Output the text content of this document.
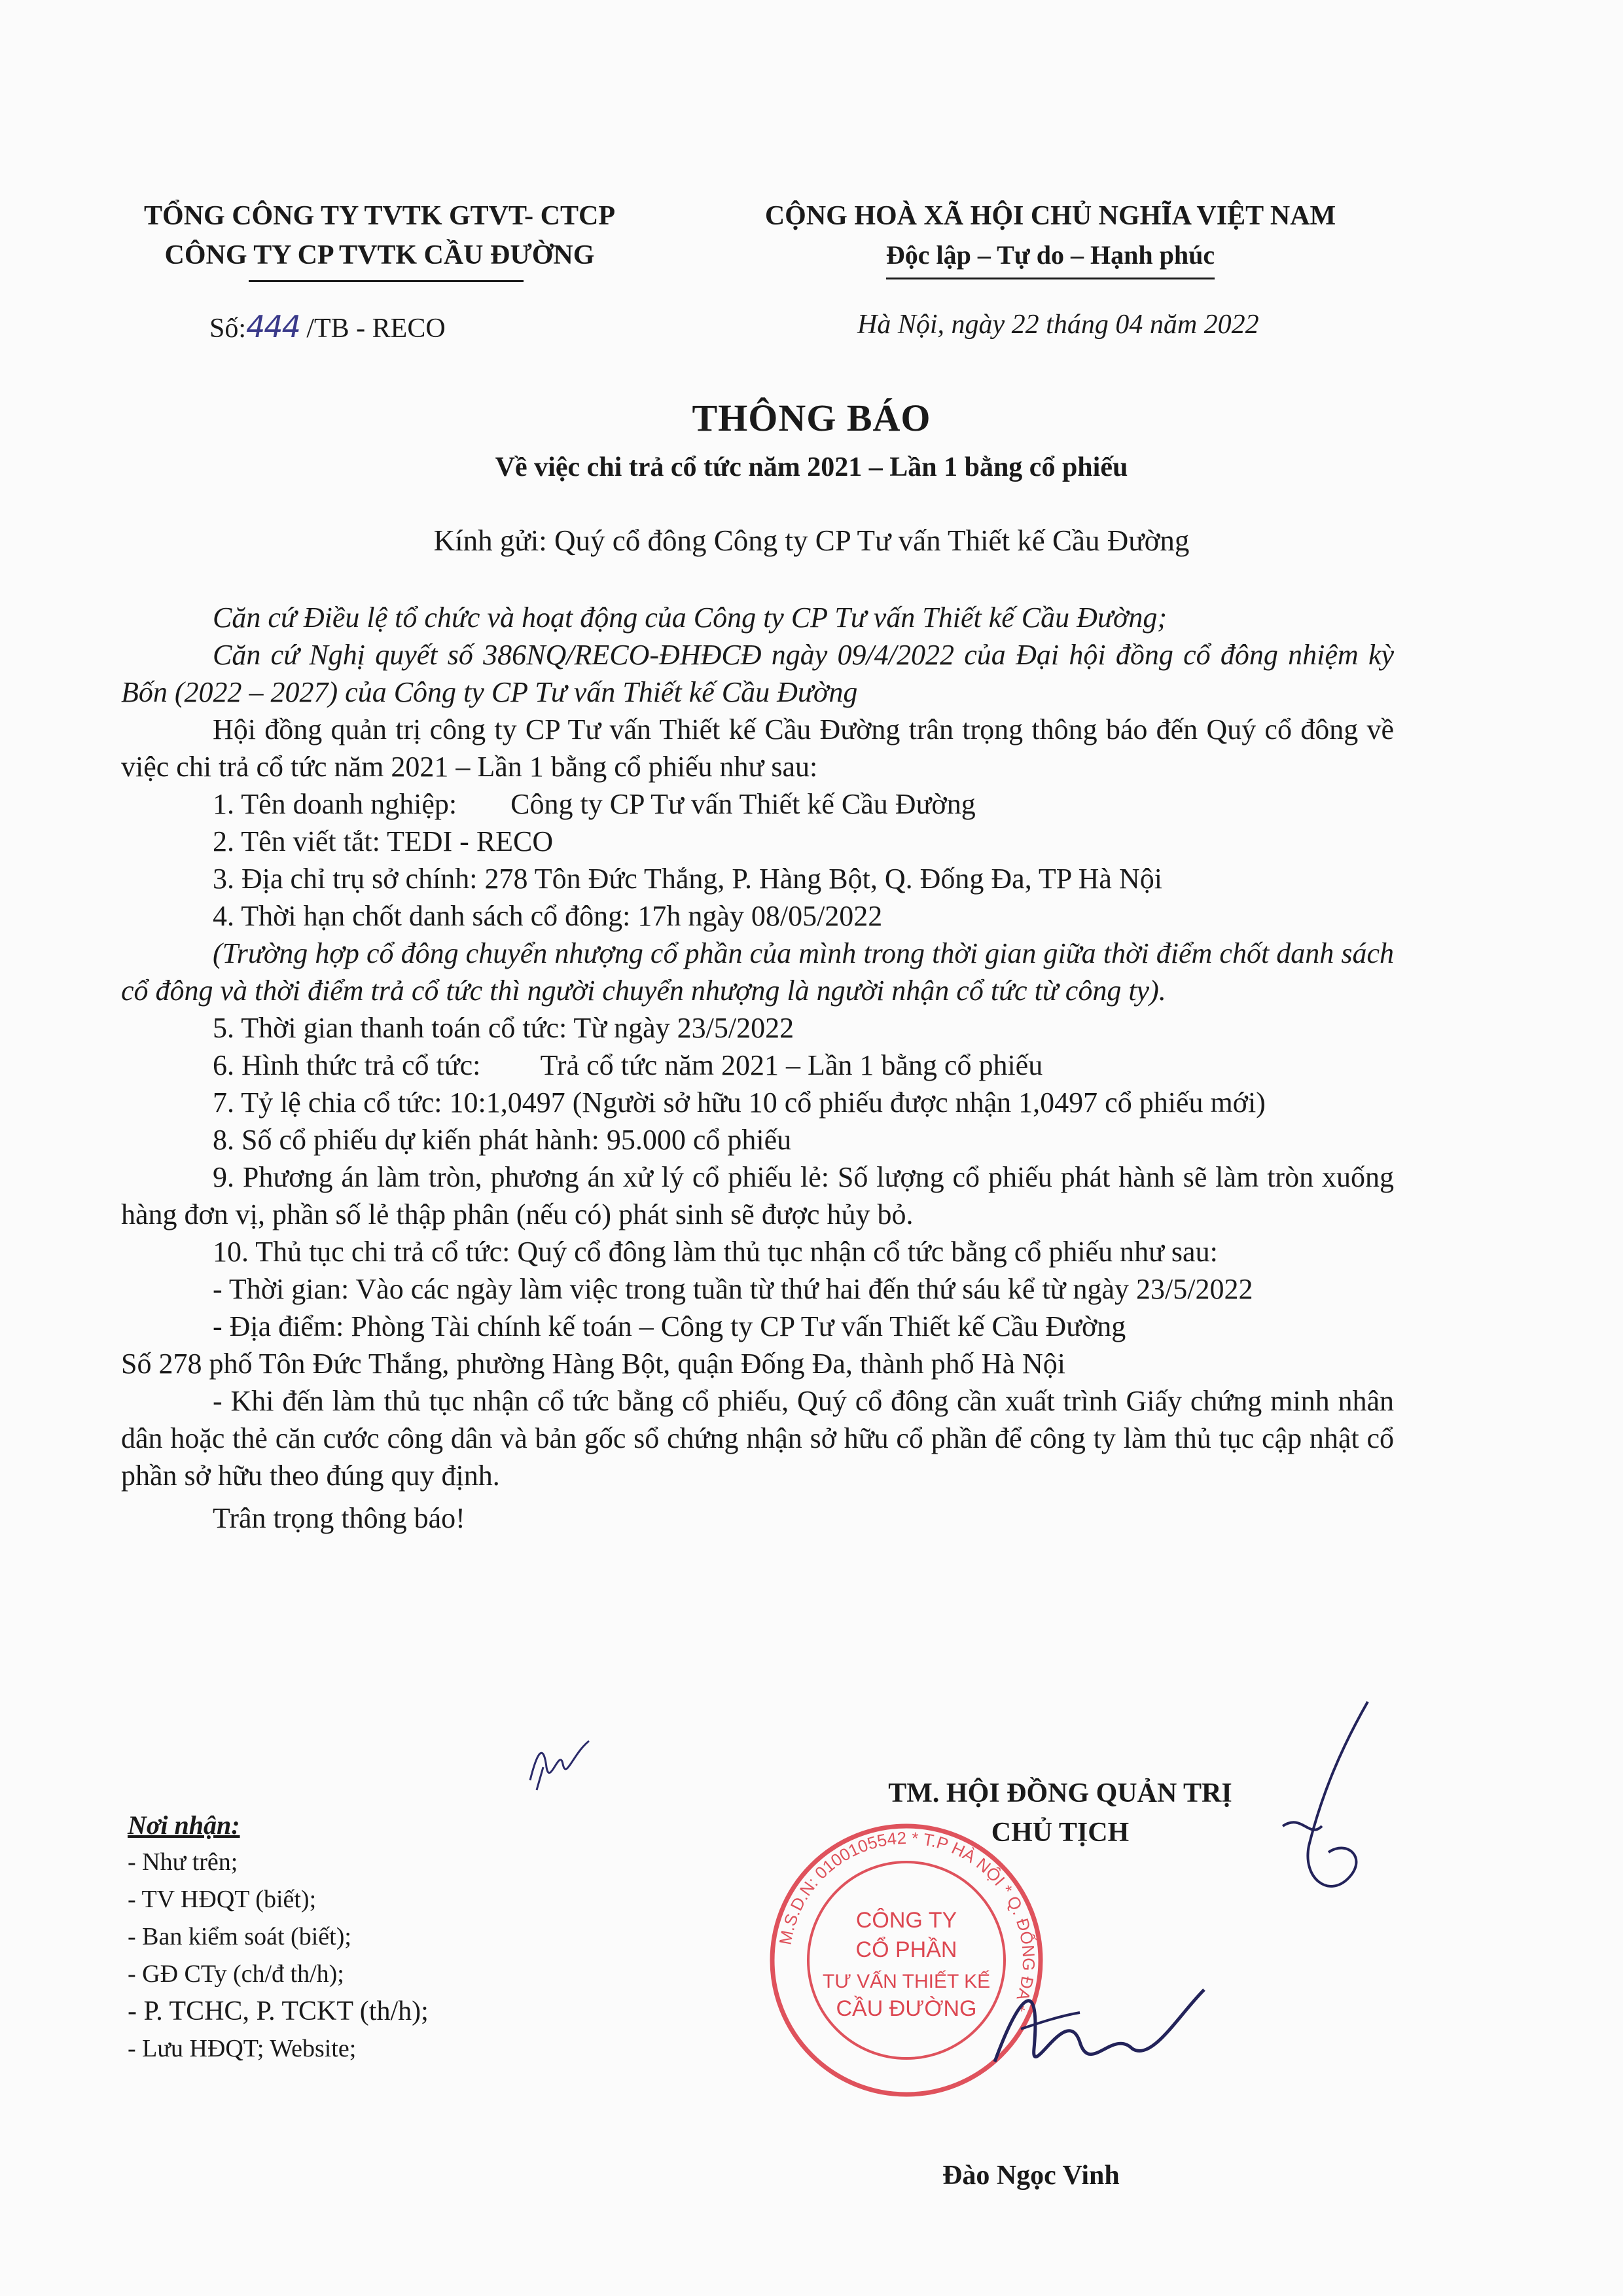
TỔNG CÔNG TY TVTK GTVT- CTCP
CÔNG TY CP TVTK CẦU ĐƯỜNG
CỘNG HOÀ XÃ HỘI CHỦ NGHĨA VIỆT NAM
Độc lập – Tự do – Hạnh phúc
Số:444 /TB - RECO	Hà Nội, ngày 22 tháng 04 năm 2022
THÔNG BÁO
Về việc chi trả cổ tức năm 2021 – Lần 1 bằng cổ phiếu
Kính gửi: Quý cổ đông Công ty CP Tư vấn Thiết kế Cầu Đường

Căn cứ Điều lệ tổ chức và hoạt động của Công ty CP Tư vấn Thiết kế Cầu Đường;

Căn cứ Nghị quyết số 386NQ/RECO-ĐHĐCĐ ngày 09/4/2022 của Đại hội đồng cổ đông nhiệm kỳ Bốn (2022 – 2027) của Công ty CP Tư vấn Thiết kế Cầu Đường

Hội đồng quản trị công ty CP Tư vấn Thiết kế Cầu Đường trân trọng thông báo đến Quý cổ đông về việc chi trả cổ tức năm 2021 – Lần 1 bằng cổ phiếu như sau:

1. Tên doanh nghiệp: Công ty CP Tư vấn Thiết kế Cầu Đường

2. Tên viết tắt: TEDI - RECO

3. Địa chỉ trụ sở chính: 278 Tôn Đức Thắng, P. Hàng Bột, Q. Đống Đa, TP Hà Nội

4. Thời hạn chốt danh sách cổ đông: 17h ngày 08/05/2022

(Trường hợp cổ đông chuyển nhượng cổ phần của mình trong thời gian giữa thời điểm chốt danh sách cổ đông và thời điểm trả cổ tức thì người chuyển nhượng là người nhận cổ tức từ công ty).

5. Thời gian thanh toán cổ tức: Từ ngày 23/5/2022

6. Hình thức trả cổ tức: Trả cổ tức năm 2021 – Lần 1 bằng cổ phiếu

7. Tỷ lệ chia cổ tức: 10:1,0497 (Người sở hữu 10 cổ phiếu được nhận 1,0497 cổ phiếu mới)

8. Số cổ phiếu dự kiến phát hành: 95.000 cổ phiếu

9. Phương án làm tròn, phương án xử lý cổ phiếu lẻ: Số lượng cổ phiếu phát hành sẽ làm tròn xuống hàng đơn vị, phần số lẻ thập phân (nếu có) phát sinh sẽ được hủy bỏ.

10. Thủ tục chi trả cổ tức: Quý cổ đông làm thủ tục nhận cổ tức bằng cổ phiếu như sau:

- Thời gian: Vào các ngày làm việc trong tuần từ thứ hai đến thứ sáu kể từ ngày 23/5/2022

- Địa điểm: Phòng Tài chính kế toán – Công ty CP Tư vấn Thiết kế Cầu Đường

Số 278 phố Tôn Đức Thắng, phường Hàng Bột, quận Đống Đa, thành phố Hà Nội

- Khi đến làm thủ tục nhận cổ tức bằng cổ phiếu, Quý cổ đông cần xuất trình Giấy chứng minh nhân dân hoặc thẻ căn cước công dân và bản gốc sổ chứng nhận sở hữu cổ phần để công ty làm thủ tục cập nhật cổ phần sở hữu theo đúng quy định.

Trân trọng thông báo!

Nơi nhận:
- Như trên;
- TV HĐQT (biết);
- Ban kiểm soát (biết);
- GĐ CTy (ch/đ th/h);
- P. TCHC, P. TCKT (th/h);
- Lưu HĐQT; Website;
TM. HỘI ĐỒNG QUẢN TRỊ
CHỦ TỊCH
CÔNG TY
CỔ PHẦN
TƯ VẤN THIẾT KẾ
CẦU ĐƯỜNG
M.S.D.N: 0100105542 * T.P HÀ NỘI * Q. ĐỐNG ĐA *
Đào Ngọc Vinh
